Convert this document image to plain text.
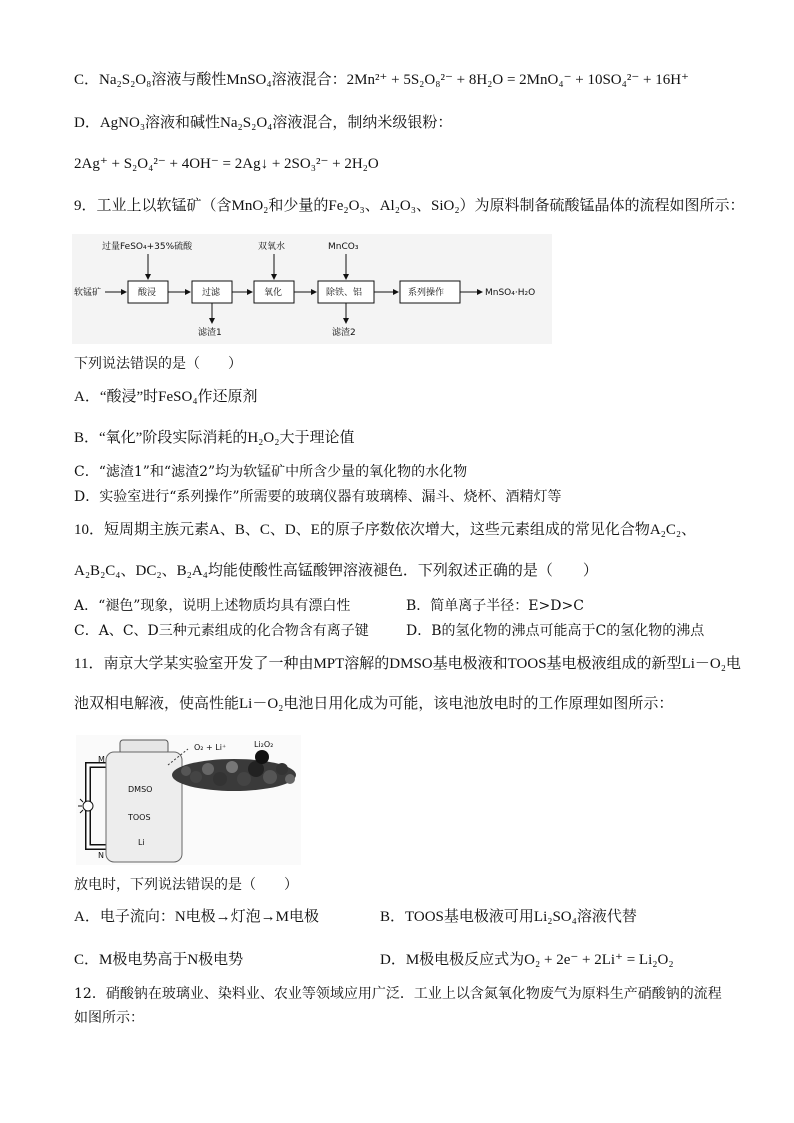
C．Na₂S₂O₈溶液与酸性MnSO₄溶液混合：2Mn²⁺ + 5S₂O₈²⁻ + 8H₂O = 2MnO₄⁻ + 10SO₄²⁻ + 16H⁺
D．AgNO₃溶液和碱性Na₂S₂O₄溶液混合，制纳米级银粉：
2Ag⁺ + S₂O₄²⁻ + 4OH⁻ = 2Ag↓ + 2SO₃²⁻ + 2H₂O
9．工业上以软锰矿（含MnO₂和少量的Fe₂O₃、Al₂O₃、SiO₂）为原料制备硫酸锰晶体的流程如图所示：
软锰矿	酸浸	过滤	氧化	除铁、铝	系列操作	MnSO₄·H₂O
过量FeSO₄+35%硫酸	双氧水	MnCO₃
滤渣1	滤渣2
下列说法错误的是（　　）
A．“酸浸”时FeSO₄作还原剂
B．“氧化”阶段实际消耗的H₂O₂大于理论值
C．“滤渣1”和“滤渣2”均为软锰矿中所含少量的氧化物的水化物
D．实验室进行“系列操作”所需要的玻璃仪器有玻璃棒、漏斗、烧杯、酒精灯等
10．短周期主族元素A、B、C、D、E的原子序数依次增大，这些元素组成的常见化合物A₂C₂、
A₂B₂C₄、DC₂、B₂A₄均能使酸性高锰酸钾溶液褪色．下列叙述正确的是（　　）
A．“褪色”现象，说明上述物质均具有漂白性	B．简单离子半径：E>D>C
C．A、C、D三种元素组成的化合物含有离子键	D．B的氢化物的沸点可能高于C的氢化物的沸点
11．南京大学某实验室开发了一种由MPT溶解的DMSO基电极液和TOOS基电极液组成的新型Li－O₂电
池双相电解液，使高性能Li－O₂电池日用化成为可能，该电池放电时的工作原理如图所示：
M
N
DMSO
TOOS
Li
O₂ + Li⁺	Li₂O₂
放电时，下列说法错误的是（　　）
A．电子流向：N电极→灯泡→M电极	B．TOOS基电极液可用Li₂SO₄溶液代替
C．M极电势高于N极电势	D．M极电极反应式为O₂ + 2e⁻ + 2Li⁺ = Li₂O₂
12．硝酸钠在玻璃业、染料业、农业等领域应用广泛．工业上以含氮氧化物废气为原料生产硝酸钠的流程
如图所示：
